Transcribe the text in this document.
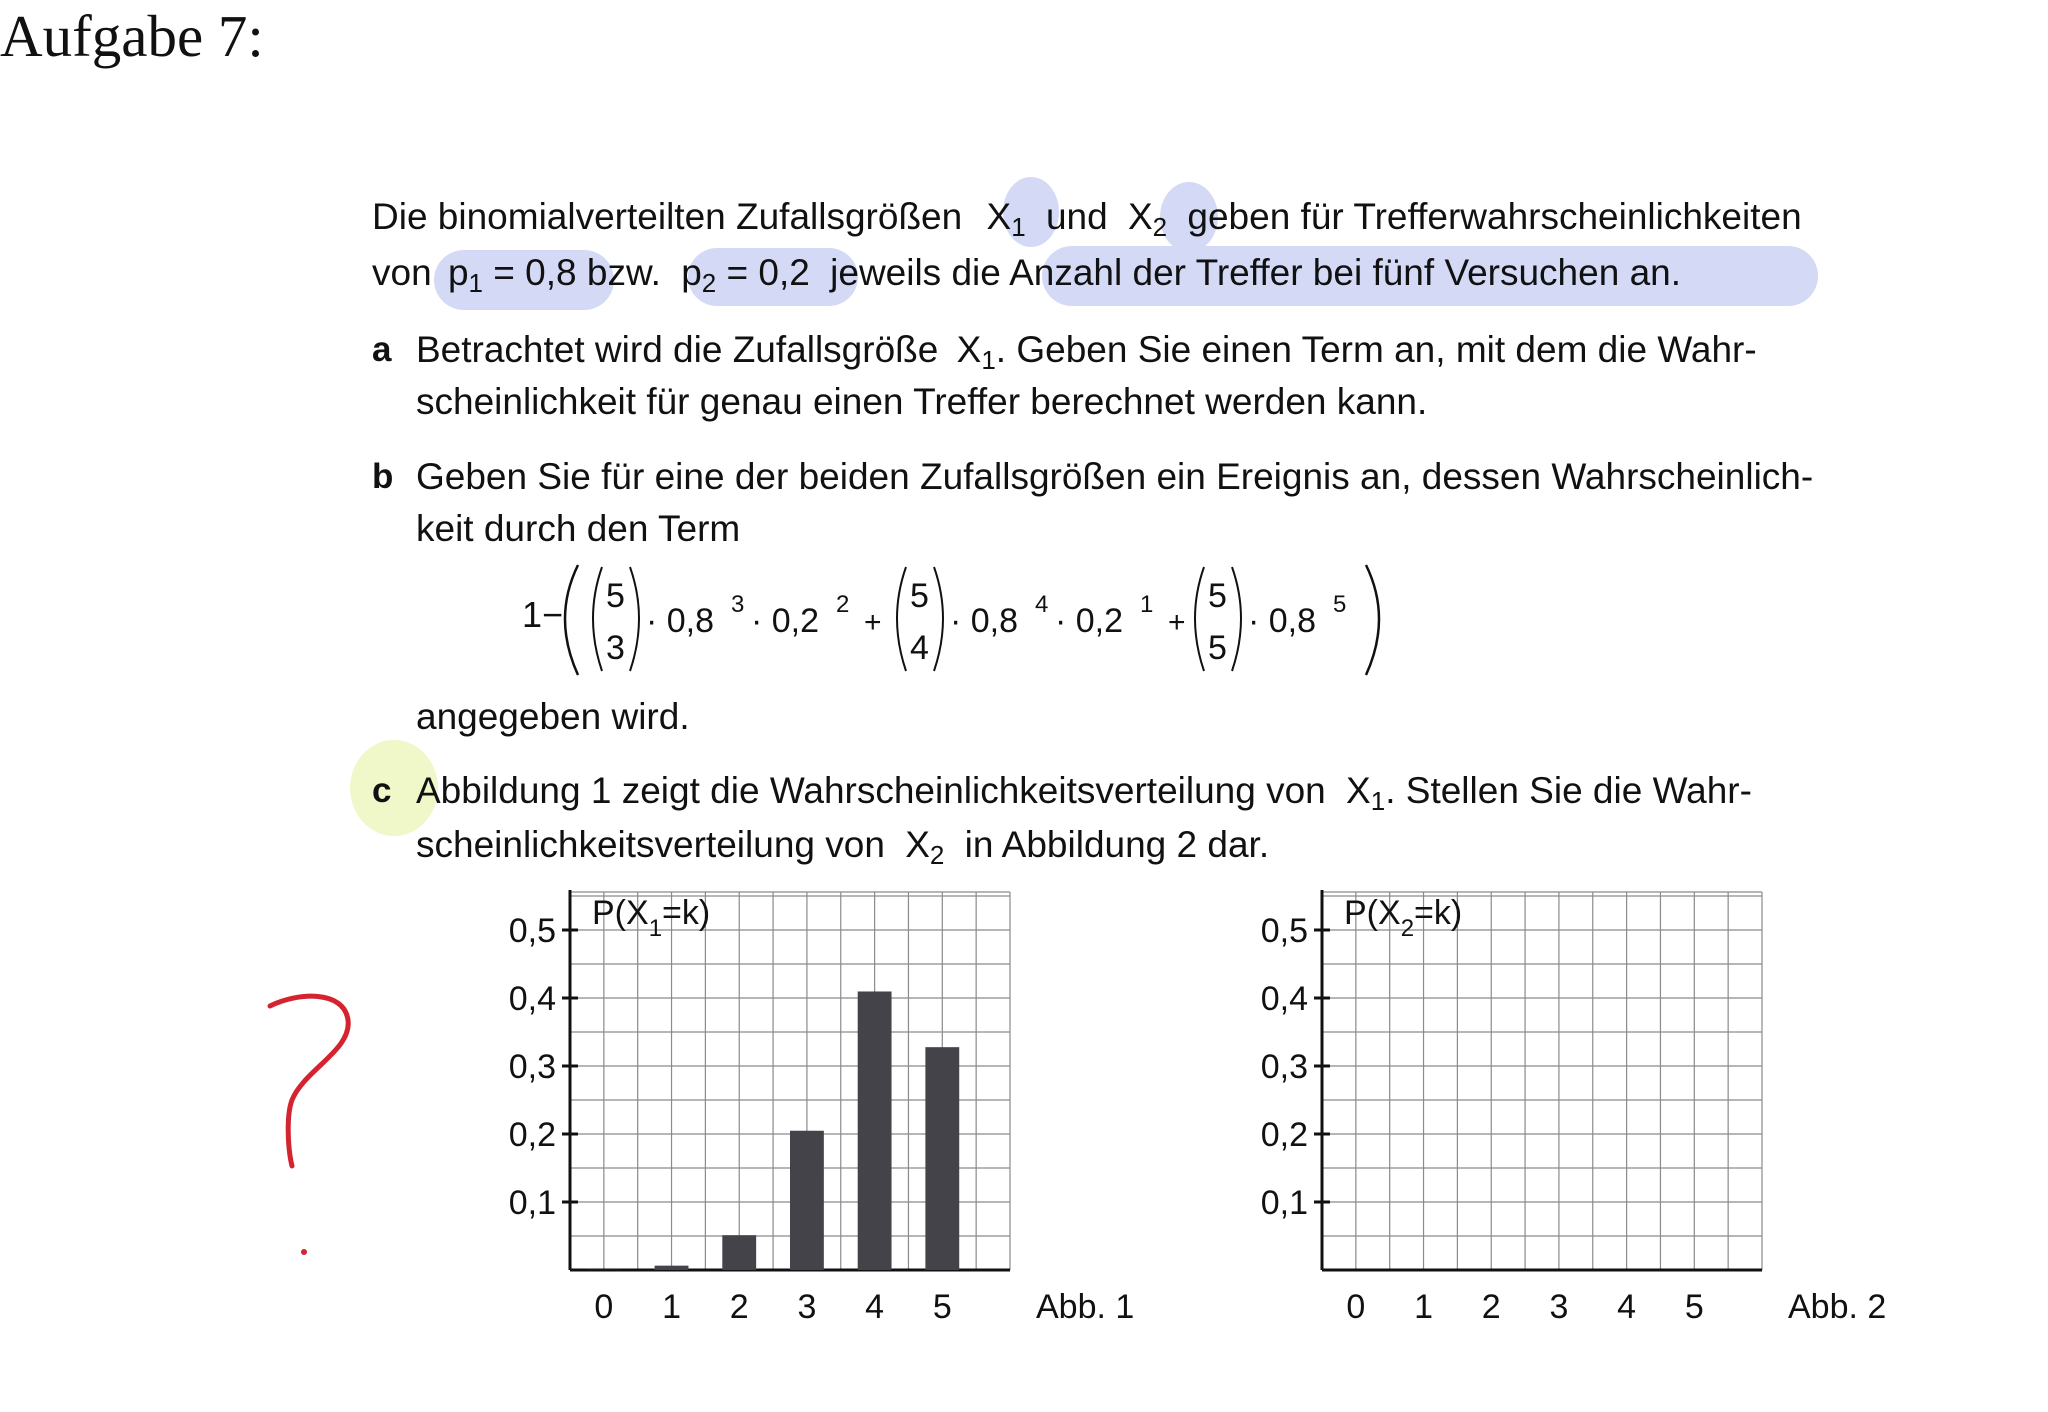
Aufgabe 7:
Die binomialverteilten Zufallsgrößen $X_1$ und $X_2$ geben für Trefferwahrscheinlichkeiten
von $p_1 = 0,8$ bzw. $p_2 = 0,2$ jeweils die Anzahl der Treffer bei fünf Versuchen an.
a Betrachtet wird die Zufallsgröße $X_1$. Geben Sie einen Term an, mit dem die Wahr-
scheinlichkeit für genau einen Treffer berechnet werden kann.
b Geben Sie für eine der beiden Zufallsgrößen ein Ereignis an, dessen Wahrscheinlich-
keit durch den Term
1− 5
3
· 0,8 3 · 0,2 2
+
5
4
· 0,8 4 · 0,2 1
+
5
5
· 0,8 5
angegeben wird.
c Abbildung 1 zeigt die Wahrscheinlichkeitsverteilung von $X_1$. Stellen Sie die Wahr-
scheinlichkeitsverteilung von $X_2$ in Abbildung 2 dar.
0,1
0,2
0,3
0,4
0,5 $P(X_1=k)$
0 1 2 3 4 5 Abb. 1
0,1
0,2
0,3
0,4
0,5 $P(X_2=k)$
0 1 2 3 4 5 Abb. 2
